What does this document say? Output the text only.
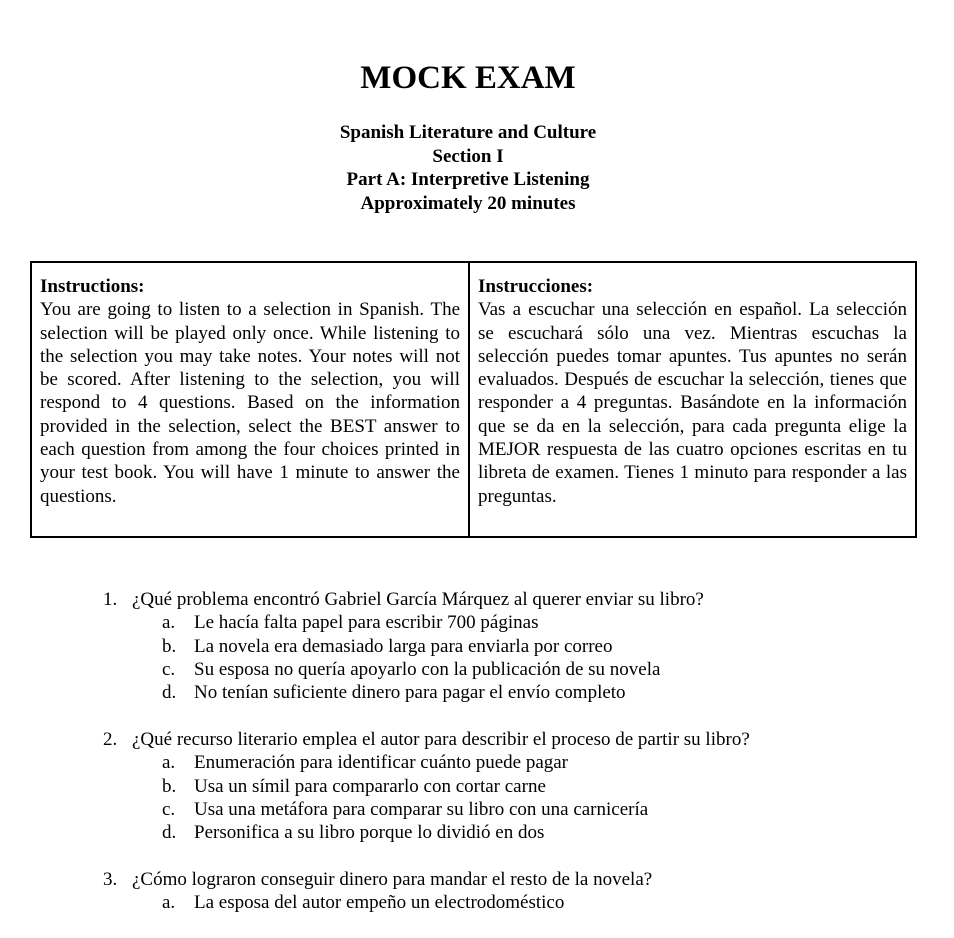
MOCK EXAM
Spanish Literature and Culture
Section I
Part A: Interpretive Listening
Approximately 20 minutes
Instructions:
You are going to listen to a selection in Spanish. The selection will be played only once. While listening to the selection you may take notes. Your notes will not be scored. After listening to the selection, you will respond to 4 questions. Based on the information provided in the selection, select the BEST answer to each question from among the four choices printed in your test book. You will have 1 minute to answer the questions.
Instrucciones:
Vas a escuchar una selección en español. La selección se escuchará sólo una vez. Mientras escuchas la selección puedes tomar apuntes. Tus apuntes no serán evaluados. Después de escuchar la selección, tienes que responder a 4 preguntas. Basándote en la información que se da en la selección, para cada pregunta elige la MEJOR respuesta de las cuatro opciones escritas en tu libreta de examen. Tienes 1 minuto para responder a las preguntas.
1. ¿Qué problema encontró Gabriel García Márquez al querer enviar su libro?
a. Le hacía falta papel para escribir 700 páginas
b. La novela era demasiado larga para enviarla por correo
c. Su esposa no quería apoyarlo con la publicación de su novela
d. No tenían suficiente dinero para pagar el envío completo
2. ¿Qué recurso literario emplea el autor para describir el proceso de partir su libro?
a. Enumeración para identificar cuánto puede pagar
b. Usa un símil para compararlo con cortar carne
c. Usa una metáfora para comparar su libro con una carnicería
d. Personifica a su libro porque lo dividió en dos
3. ¿Cómo lograron conseguir dinero para mandar el resto de la novela?
a. La esposa del autor empeño un electrodoméstico
